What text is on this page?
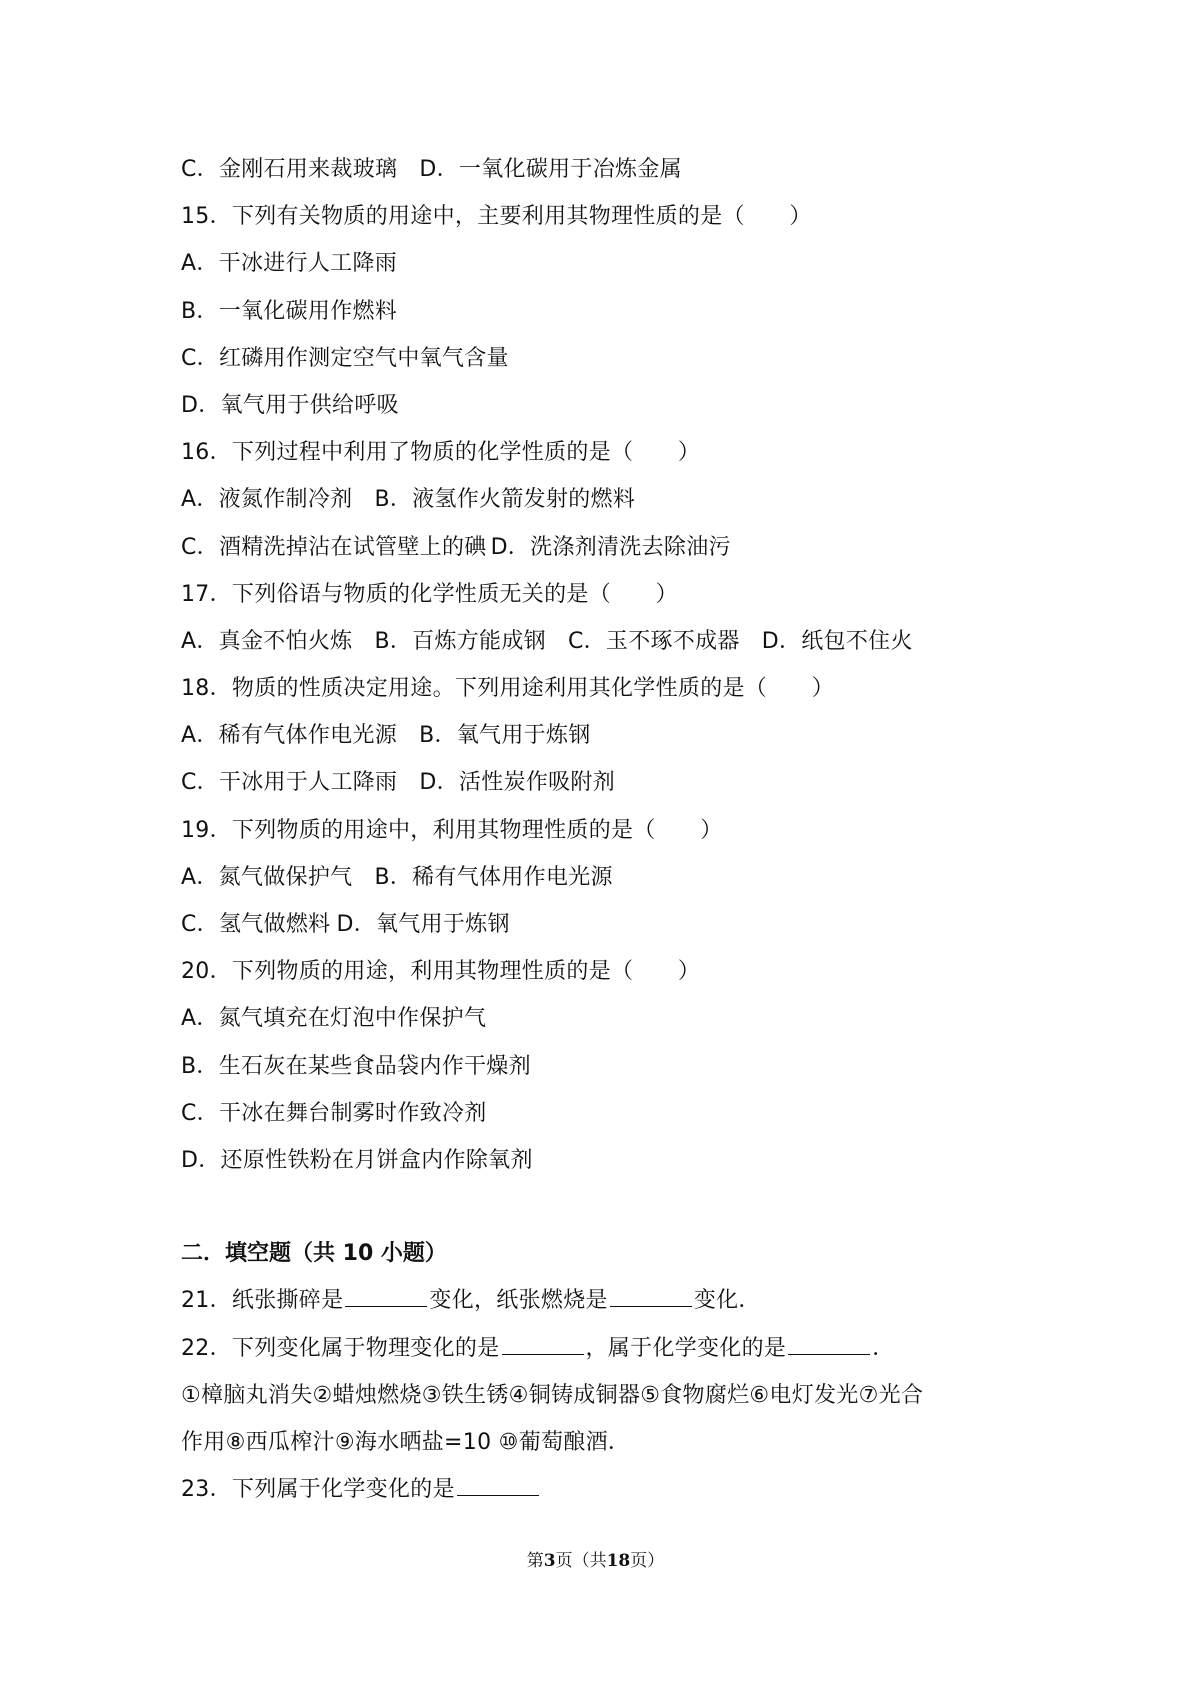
C．金刚石用来裁玻璃 D．一氧化碳用于冶炼金属
15．下列有关物质的用途中，主要利用其物理性质的是（　　）
A．干冰进行人工降雨
B．一氧化碳用作燃料
C．红磷用作测定空气中氧气含量
D．氧气用于供给呼吸
16．下列过程中利用了物质的化学性质的是（　　）
A．液氮作制冷剂 B．液氢作火箭发射的燃料
C．酒精洗掉沾在试管壁上的碘 D．洗涤剂清洗去除油污
17．下列俗语与物质的化学性质无关的是（　　）
A．真金不怕火炼 B．百炼方能成钢 C．玉不琢不成器 D．纸包不住火
18．物质的性质决定用途。下列用途利用其化学性质的是（　　）
A．稀有气体作电光源 B．氧气用于炼钢
C．干冰用于人工降雨 D．活性炭作吸附剂
19．下列物质的用途中，利用其物理性质的是（　　）
A．氮气做保护气 B．稀有气体用作电光源
C．氢气做燃料 D．氧气用于炼钢
20．下列物质的用途，利用其物理性质的是（　　）
A．氮气填充在灯泡中作保护气
B．生石灰在某些食品袋内作干燥剂
C．干冰在舞台制雾时作致冷剂
D．还原性铁粉在月饼盒内作除氧剂
二．填空题（共 10 小题）
21．纸张撕碎是	变化，纸张燃烧是	变化．
22．下列变化属于物理变化的是	，属于化学变化的是	．
①樟脑丸消失②蜡烛燃烧③铁生锈④铜铸成铜器⑤食物腐烂⑥电灯发光⑦光合
作用⑧西瓜榨汁⑨海水晒盐=10 ⑩葡萄酿酒．
23．下列属于化学变化的是
第3页（共18页）
